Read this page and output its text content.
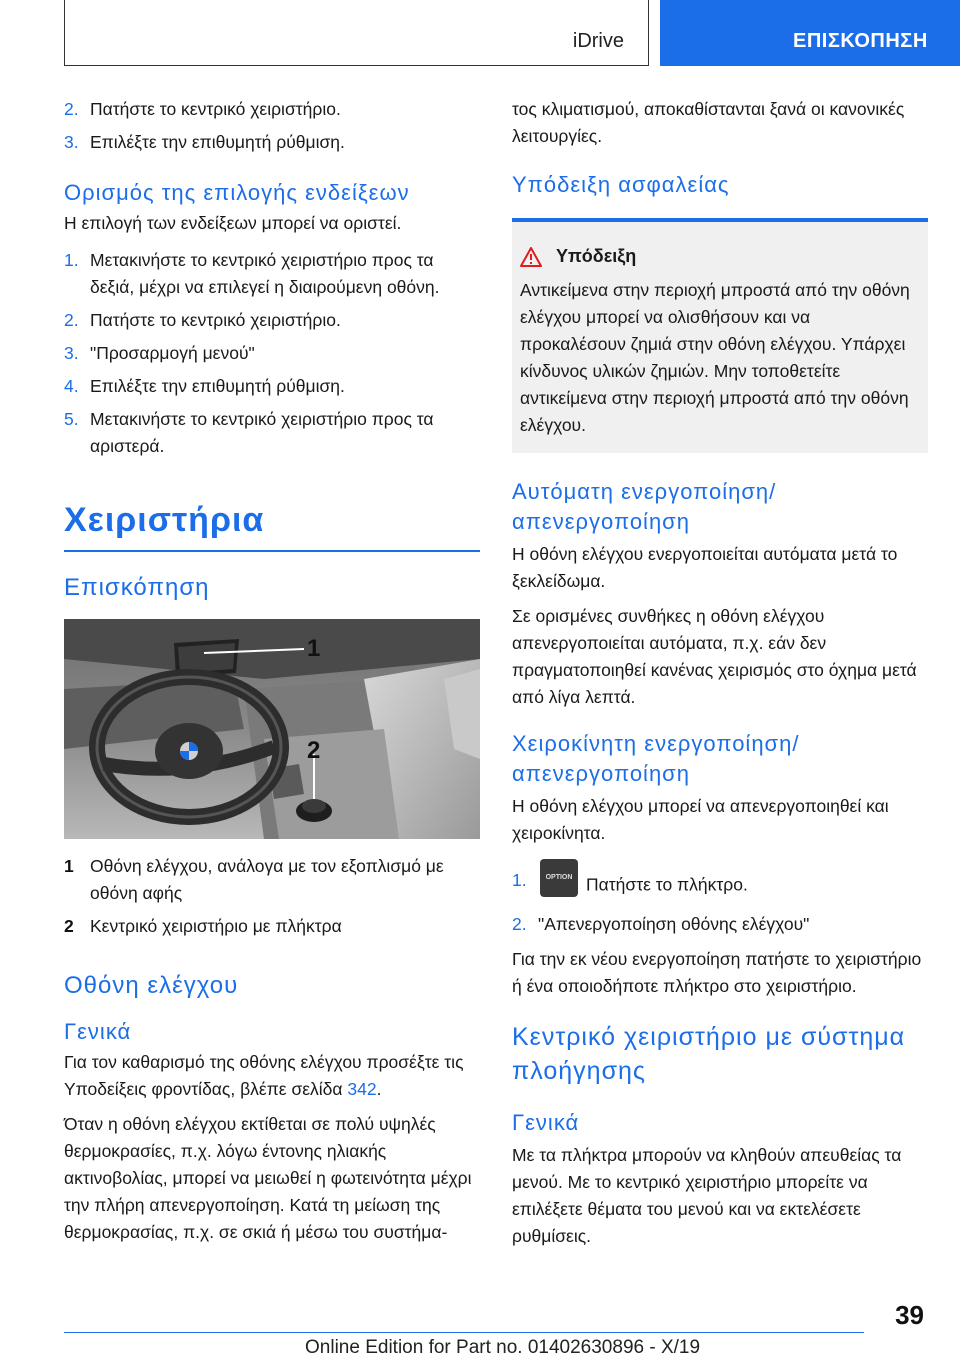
iDrive	ΕΠΙΣΚΟΠΗΣΗ
2. Πατήστε το κεντρικό χειριστήριο.
3. Επιλέξτε την επιθυμητή ρύθμιση.
Ορισμός της επιλογής ενδείξεων

Η επιλογή των ενδείξεων μπορεί να οριστεί.

1. Μετακινήστε το κεντρικό χειριστήριο προς τα δεξιά, μέχρι να επιλεγεί η διαιρούμενη οθόνη.
2. Πατήστε το κεντρικό χειριστήριο.
3. "Προσαρμογή μενού"
4. Επιλέξτε την επιθυμητή ρύθμιση.
5. Μετακινήστε το κεντρικό χειριστήριο προς τα αριστερά.
Χειριστήρια
Επισκόπηση
1
2
1 Οθόνη ελέγχου, ανάλογα με τον εξοπλισμό με οθόνη αφής
2 Κεντρικό χειριστήριο με πλήκτρα
Οθόνη ελέγχου
Γενικά

Για τον καθαρισμό της οθόνης ελέγχου προσέξτε τις Υποδείξεις φροντίδας, βλέπε σελίδα 342.

Όταν η οθόνη ελέγχου εκτίθεται σε πολύ υψηλές θερμοκρασίες, π.χ. λόγω έντονης ηλιακής ακτινοβολίας, μπορεί να μειωθεί η φωτεινότητα μέχρι την πλήρη απενεργοποίηση. Κατά τη μείωση της θερμοκρασίας, π.χ. σε σκιά ή μέσω του συστήμα-

τος κλιματισμού, αποκαθίστανται ξανά οι κανονικές λειτουργίες.

Υπόδειξη ασφαλείας
Υπόδειξη

Αντικείμενα στην περιοχή μπροστά από την οθόνη ελέγχου μπορεί να ολισθήσουν και να προκαλέσουν ζημιά στην οθόνη ελέγχου. Υπάρχει κίνδυνος υλικών ζημιών. Μην τοποθετείτε αντικείμενα στην περιοχή μπροστά από την οθόνη ελέγχου.

Αυτόματη ενεργοποίηση/ απενεργοποίηση

Η οθόνη ελέγχου ενεργοποιείται αυτόματα μετά το ξεκλείδωμα.

Σε ορισμένες συνθήκες η οθόνη ελέγχου απενεργοποιείται αυτόματα, π.χ. εάν δεν πραγματοποιηθεί κανένας χειρισμός στο όχημα μετά από λίγα λεπτά.

Χειροκίνητη ενεργοποίηση/ απενεργοποίηση

Η οθόνη ελέγχου μπορεί να απενεργοποιηθεί και χειροκίνητα.

1.	OPTION Πατήστε το πλήκτρο.
2. "Απενεργοποίηση οθόνης ελέγχου"

Για την εκ νέου ενεργοποίηση πατήστε το χειριστήριο ή ένα οποιοδήποτε πλήκτρο στο χειριστήριο.

Κεντρικό χειριστήριο με σύστημα πλοήγησης
Γενικά

Με τα πλήκτρα μπορούν να κληθούν απευθείας τα μενού. Με το κεντρικό χειριστήριο μπορείτε να επιλέξετε θέματα του μενού και να εκτελέσετε ρυθμίσεις.

39
Online Edition for Part no. 01402630896 - X/19
